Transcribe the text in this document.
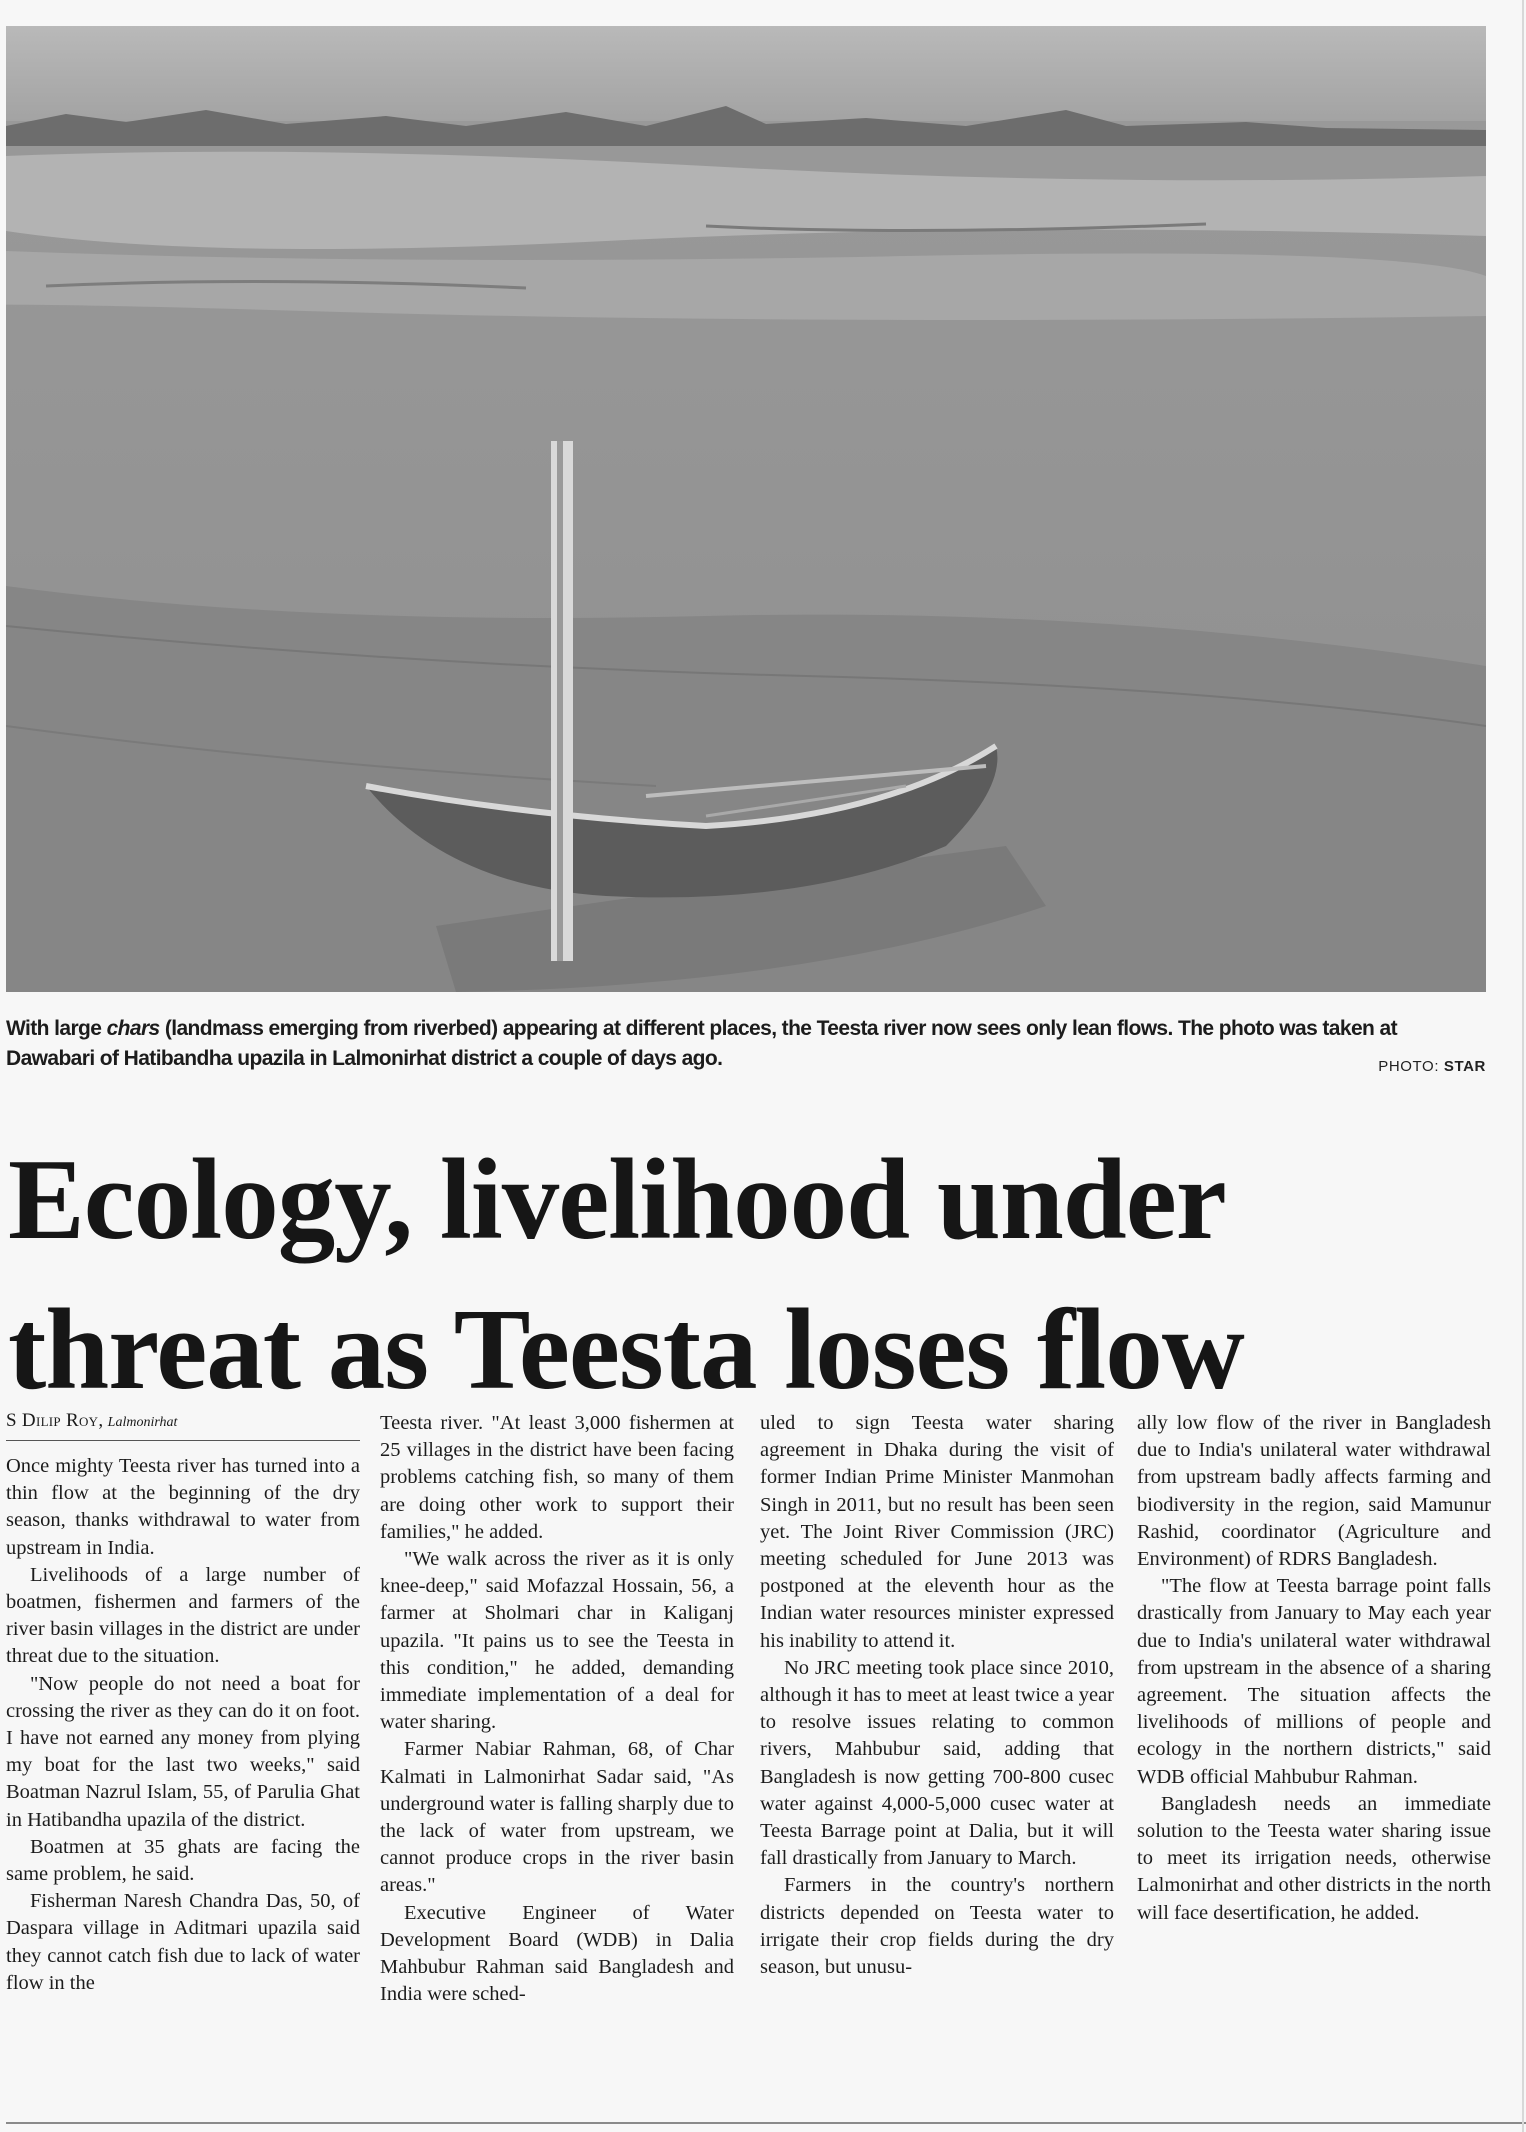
With large chars (landmass emerging from riverbed) appearing at different places, the Teesta river now sees only lean flows. The photo was taken at Dawabari of Hatibandha upazila in Lalmonirhat district a couple of days ago.	PHOTO: STAR
Ecology, livelihood under
threat as Teesta loses flow
S Dilip Roy, Lalmonirhat

Once mighty Teesta river has turned into a thin flow at the beginning of the dry season, thanks withdrawal to water from upstream in India.

Livelihoods of a large number of boatmen, fishermen and farmers of the river basin villages in the district are under threat due to the situation.

"Now people do not need a boat for crossing the river as they can do it on foot. I have not earned any money from plying my boat for the last two weeks," said Boatman Nazrul Islam, 55, of Parulia Ghat in Hatibandha upazila of the district.

Boatmen at 35 ghats are facing the same problem, he said.

Fisherman Naresh Chandra Das, 50, of Daspara village in Aditmari upazila said they cannot catch fish due to lack of water flow in the

Teesta river. "At least 3,000 fishermen at 25 villages in the district have been facing problems catching fish, so many of them are doing other work to support their families," he added.

"We walk across the river as it is only knee-deep," said Mofazzal Hossain, 56, a farmer at Sholmari char in Kaliganj upazila. "It pains us to see the Teesta in this condition," he added, demanding immediate implementation of a deal for water sharing.

Farmer Nabiar Rahman, 68, of Char Kalmati in Lalmonirhat Sadar said, "As underground water is falling sharply due to the lack of water from upstream, we cannot produce crops in the river basin areas."

Executive Engineer of Water Development Board (WDB) in Dalia Mahbubur Rahman said Bangladesh and India were sched-

uled to sign Teesta water sharing agreement in Dhaka during the visit of former Indian Prime Minister Manmohan Singh in 2011, but no result has been seen yet. The Joint River Commission (JRC) meeting scheduled for June 2013 was postponed at the eleventh hour as the Indian water resources minister expressed his inability to attend it.

No JRC meeting took place since 2010, although it has to meet at least twice a year to resolve issues relating to common rivers, Mahbubur said, adding that Bangladesh is now getting 700-800 cusec water against 4,000-5,000 cusec water at Teesta Barrage point at Dalia, but it will fall drastically from January to March.

Farmers in the country's northern districts depended on Teesta water to irrigate their crop fields during the dry season, but unusu-

ally low flow of the river in Bangladesh due to India's unilateral water withdrawal from upstream badly affects farming and biodiversity in the region, said Mamunur Rashid, coordinator (Agriculture and Environment) of RDRS Bangladesh.

"The flow at Teesta barrage point falls drastically from January to May each year due to India's unilateral water withdrawal from upstream in the absence of a sharing agreement. The situation affects the livelihoods of millions of people and ecology in the northern districts," said WDB official Mahbubur Rahman.

Bangladesh needs an immediate solution to the Teesta water sharing issue to meet its irrigation needs, otherwise Lalmonirhat and other districts in the north will face desertification, he added.
